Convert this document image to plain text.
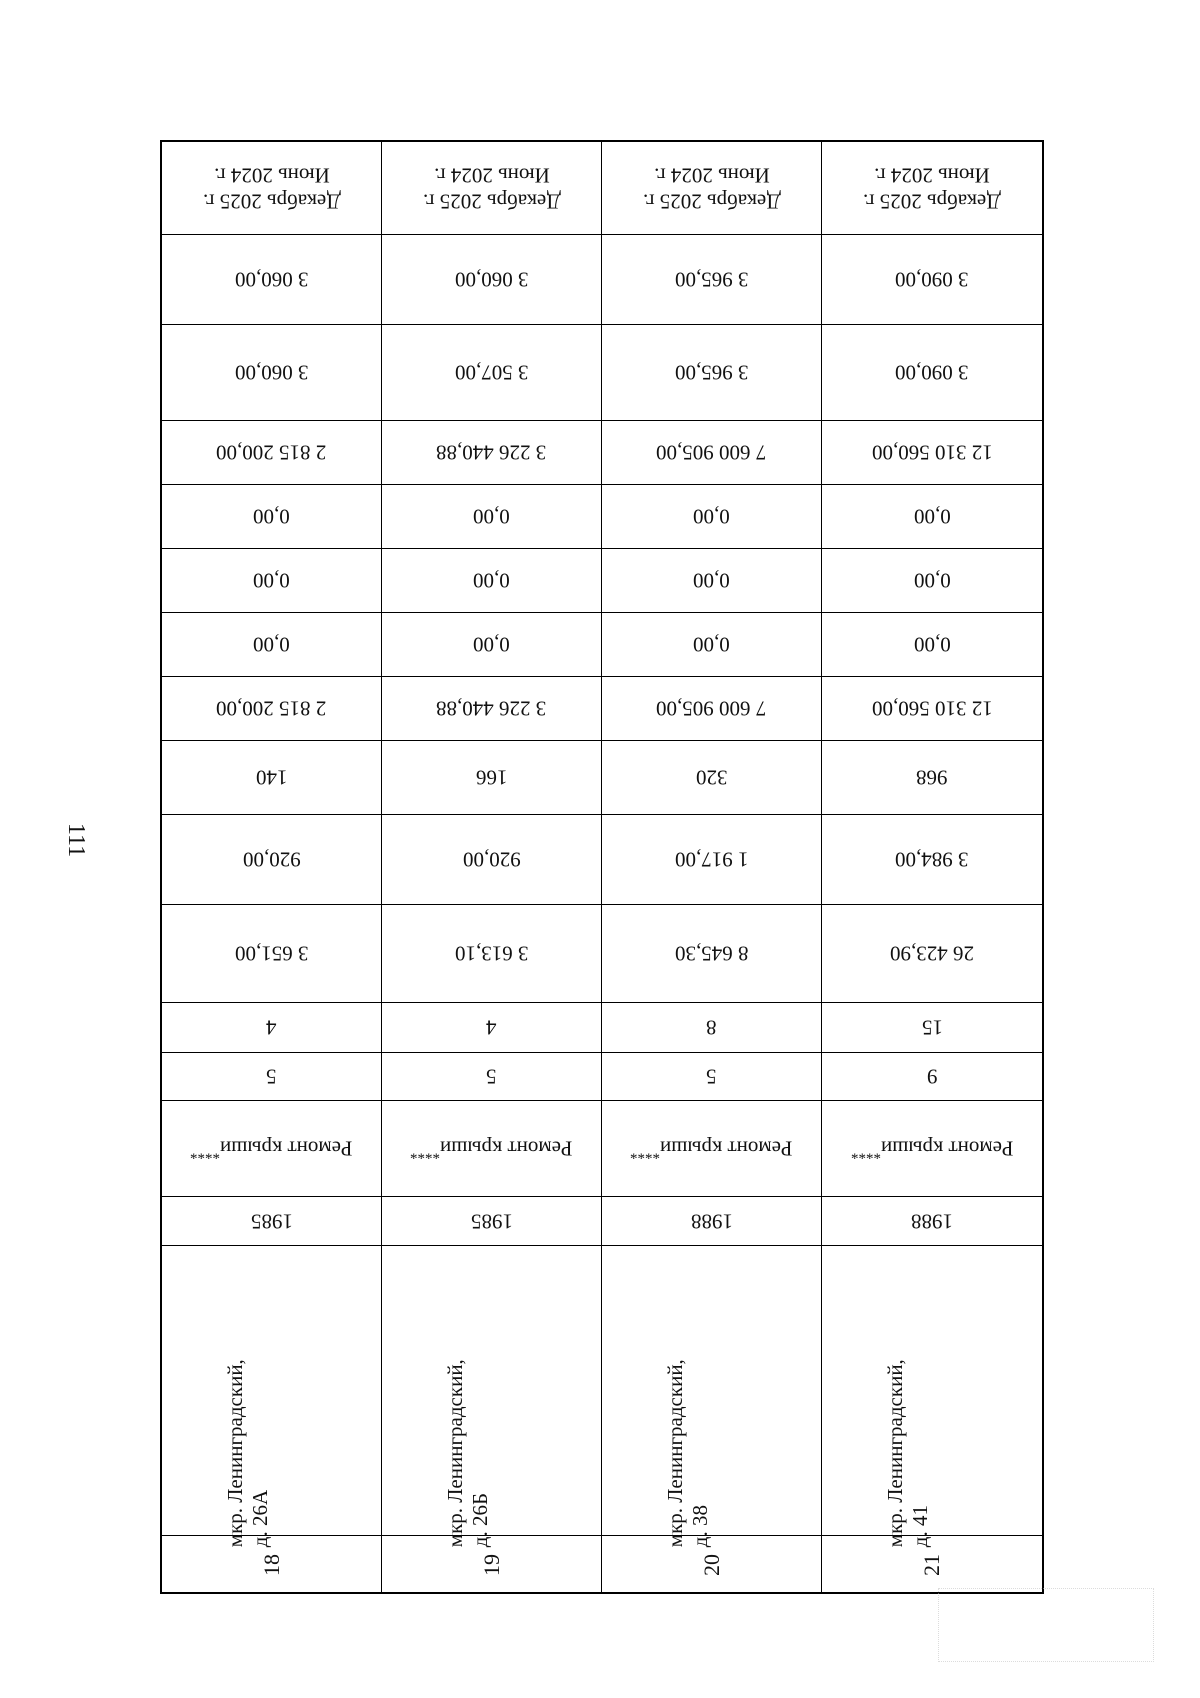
111
Декабрь 2025 г.
Июнь 2024 г.
3 060,00
3 060,00
2 815 200,00
0,00
0,00
0,00
2 815 200,00
140
920,00
3 651,00
4
5
Ремонт крыши****
1985
мкр. Ленинградский, д. 26А
18
Декабрь 2025 г.
Июнь 2024 г.
3 060,00
3 507,00
3 226 440,88
0,00
0,00
0,00
3 226 440,88
166
920,00
3 613,10
4
5
Ремонт крыши****
1985
мкр. Ленинградский, д. 26Б
19
Декабрь 2025 г.
Июнь 2024 г.
3 965,00
3 965,00
7 600 905,00
0,00
0,00
0,00
7 600 905,00
320
1 917,00
8 645,30
8
5
Ремонт крыши****
1988
мкр. Ленинградский, д. 38
20
Декабрь 2025 г.
Июнь 2024 г.
3 090,00
3 090,00
12 310 560,00
0,00
0,00
0,00
12 310 560,00
968
3 984,00
26 423,90
15
9
Ремонт крыши****
1988
мкр. Ленинградский, д. 41
21
